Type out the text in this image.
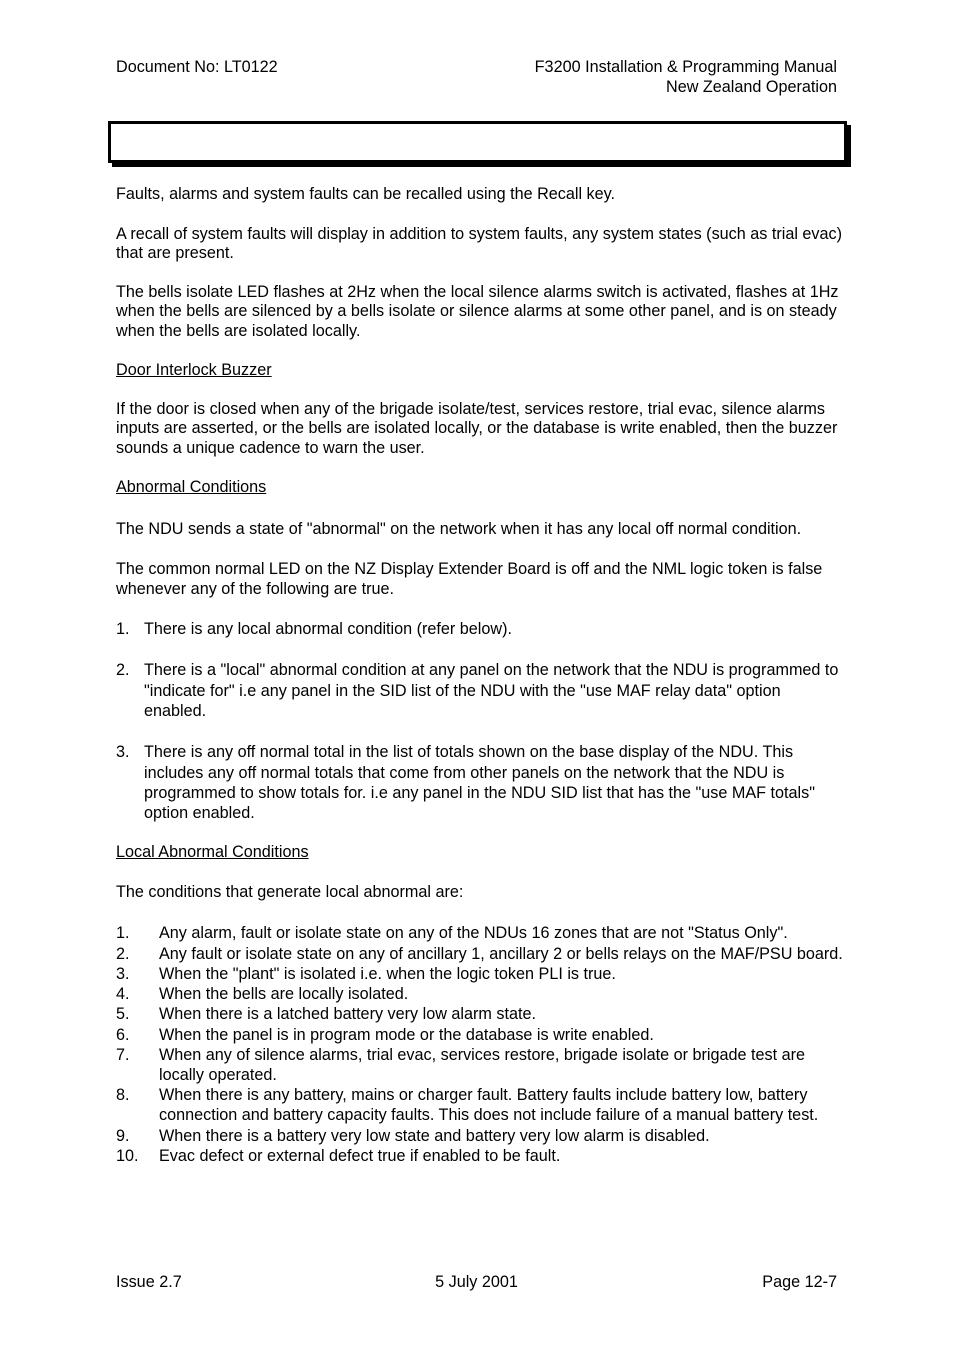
Document No: LT0122	F3200 Installation & Programming Manual
New Zealand Operation

Faults, alarms and system faults can be recalled using the Recall key.

A recall of system faults will display in addition to system faults, any system states (such as trial evac) that are present.

The bells isolate LED flashes at 2Hz when the local silence alarms switch is activated, flashes at 1Hz when the bells are silenced by a bells isolate or silence alarms at some other panel, and is on steady when the bells are isolated locally.

Door Interlock Buzzer

If the door is closed when any of the brigade isolate/test, services restore, trial evac, silence alarms inputs are asserted, or the bells are isolated locally, or the database is write enabled, then the buzzer sounds a unique cadence to warn the user.

Abnormal Conditions

The NDU sends a state of "abnormal" on the network when it has any local off normal condition.

The common normal LED on the NZ Display Extender Board is off and the NML logic token is false whenever any of the following are true.

1. There is any local abnormal condition (refer below).
2. There is a "local" abnormal condition at any panel on the network that the NDU is programmed to "indicate for" i.e any panel in the SID list of the NDU with the "use MAF relay data" option enabled.
3. There is any off normal total in the list of totals shown on the base display of the NDU. This includes any off normal totals that come from other panels on the network that the NDU is programmed to show totals for. i.e any panel in the NDU SID list that has the "use MAF totals" option enabled.

Local Abnormal Conditions

The conditions that generate local abnormal are:

1. Any alarm, fault or isolate state on any of the NDUs 16 zones that are not "Status Only".
2. Any fault or isolate state on any of ancillary 1, ancillary 2 or bells relays on the MAF/PSU board.
3. When the "plant" is isolated i.e. when the logic token PLI is true.
4. When the bells are locally isolated.
5. When there is a latched battery very low alarm state.
6. When the panel is in program mode or the database is write enabled.
7. When any of silence alarms, trial evac, services restore, brigade isolate or brigade test are locally operated.
8. When there is any battery, mains or charger fault. Battery faults include battery low, battery connection and battery capacity faults. This does not include failure of a manual battery test.
9. When there is a battery very low state and battery very low alarm is disabled.
10. Evac defect or external defect true if enabled to be fault.
Issue 2.7	5 July 2001	Page 12-7
